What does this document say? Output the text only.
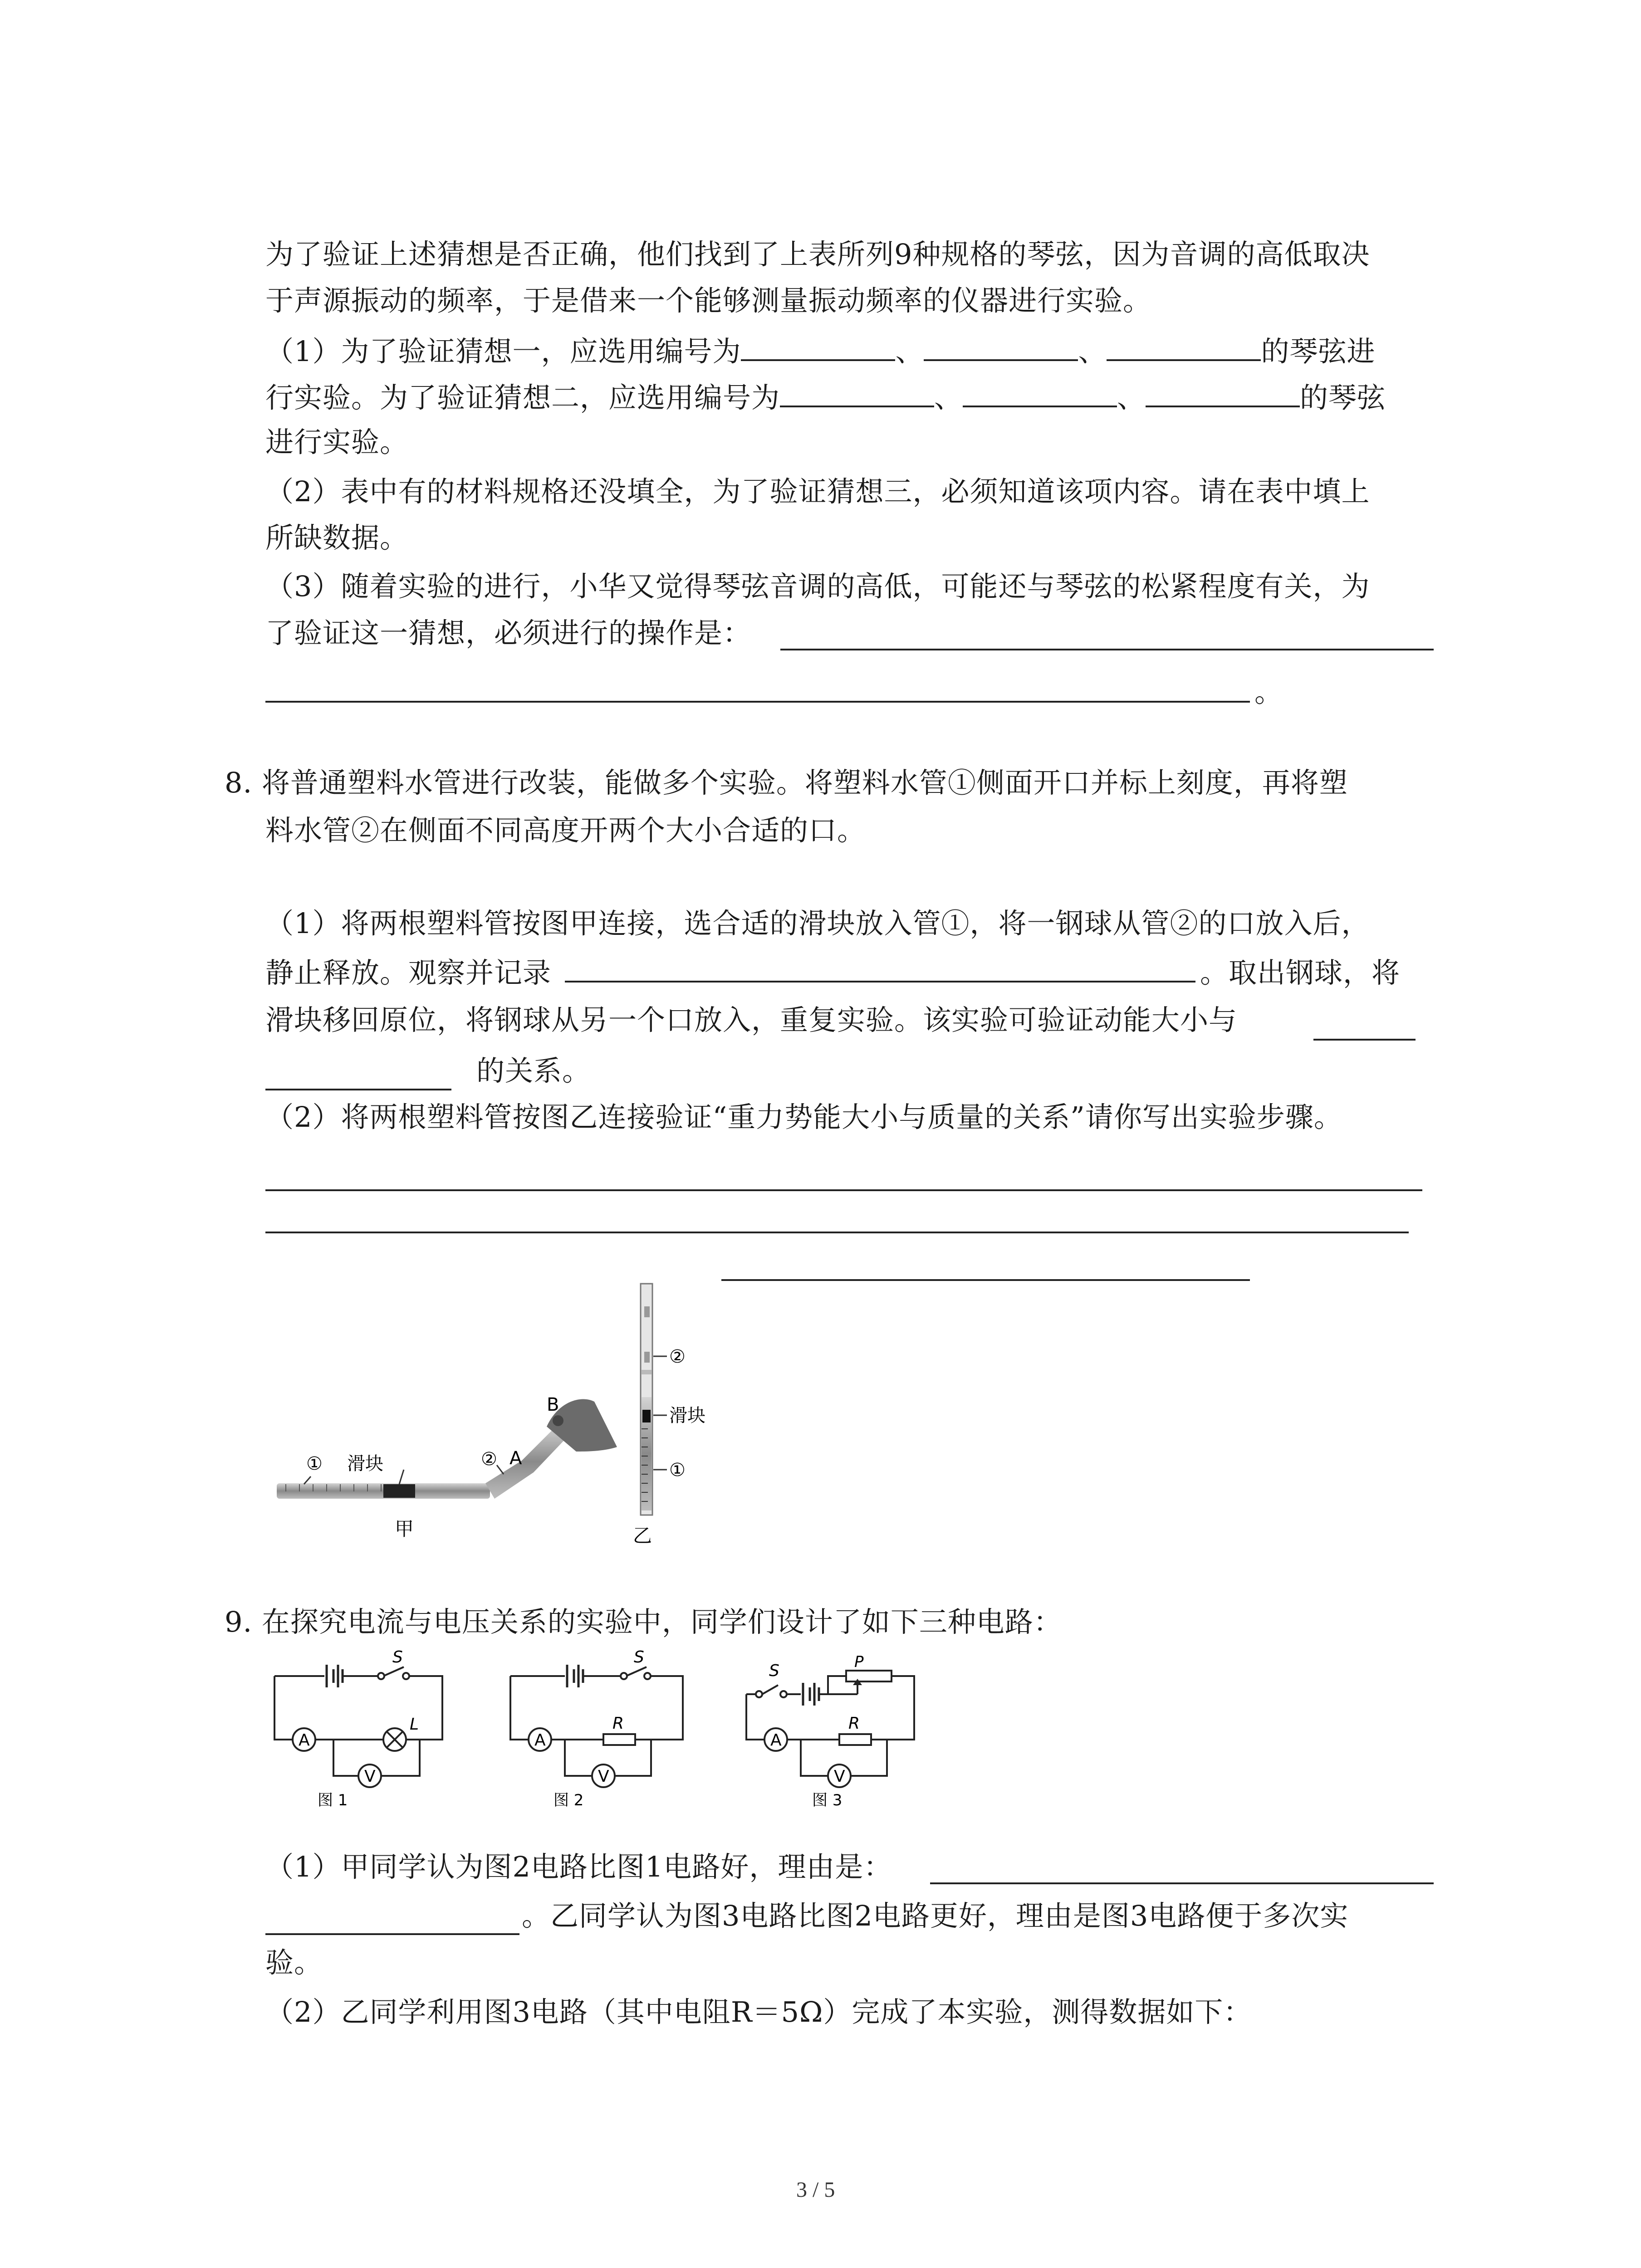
为了验证上述猜想是否正确，他们找到了上表所列9种规格的琴弦，因为音调的高低取决
于声源振动的频率，于是借来一个能够测量振动频率的仪器进行实验。
（1）为了验证猜想一，应选用编号为	、	、	的琴弦进
行实验。为了验证猜想二，应选用编号为	、	、	的琴弦
进行实验。
（2）表中有的材料规格还没填全，为了验证猜想三，必须知道该项内容。请在表中填上
所缺数据。
（3）随着实验的进行，小华又觉得琴弦音调的高低，可能还与琴弦的松紧程度有关，为
了验证这一猜想，必须进行的操作是：
。
8. 将普通塑料水管进行改装，能做多个实验。将塑料水管①侧面开口并标上刻度，再将塑
料水管②在侧面不同高度开两个大小合适的口。
（1）将两根塑料管按图甲连接，选合适的滑块放入管①，将一钢球从管②的口放入后，
静止释放。观察并记录	。取出钢球，将
滑块移回原位，将钢球从另一个口放入，重复实验。该实验可验证动能大小与
的关系。
（2）将两根塑料管按图乙连接验证“重力势能大小与质量的关系”请你写出实验步骤。
① 滑块	② A
B
甲
②
滑块
①
乙
9. 在探究电流与电压关系的实验中，同学们设计了如下三种电路：
A
V
S
L
图 1
A
R
V
S
图 2
P
A
R
V
S
图 3
（1）甲同学认为图2电路比图1电路好，理由是：
。乙同学认为图3电路比图2电路更好，理由是图3电路便于多次实
验。
（2）乙同学利用图3电路（其中电阻R＝5Ω）完成了本实验，测得数据如下：
3 / 5
